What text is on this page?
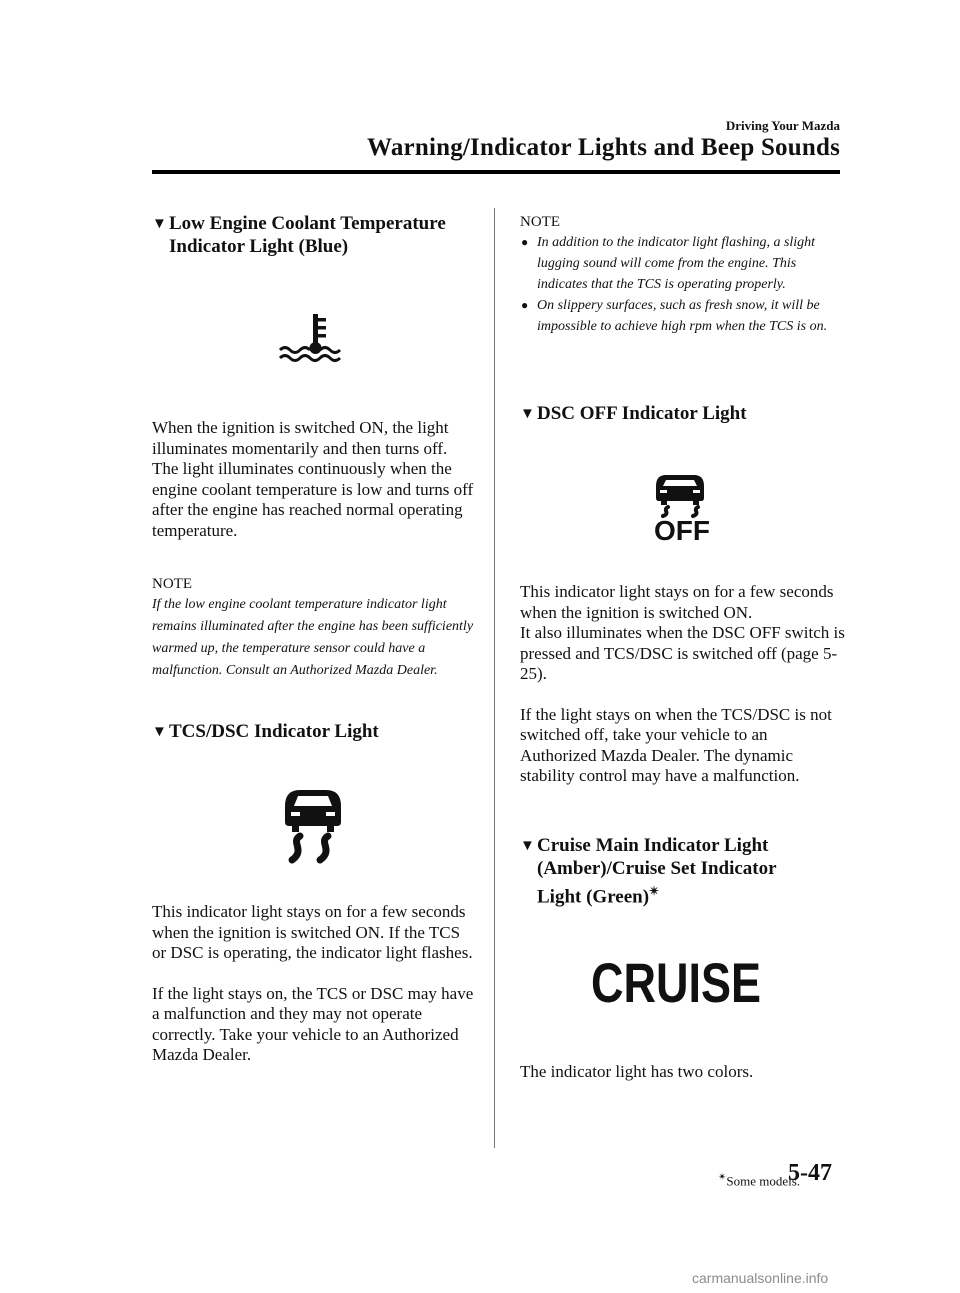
Driving Your Mazda
Warning/Indicator Lights and Beep Sounds
▼ Low Engine Coolant Temperature
Indicator Light (Blue)

When the ignition is switched ON, the light illuminates momentarily and then turns off.

The light illuminates continuously when the engine coolant temperature is low and turns off after the engine has reached normal operating temperature.

NOTE

If the low engine coolant temperature indicator light remains illuminated after the engine has been sufficiently warmed up, the temperature sensor could have a malfunction. Consult an Authorized Mazda Dealer.

▼ TCS/DSC Indicator Light

This indicator light stays on for a few seconds when the ignition is switched ON. If the TCS or DSC is operating, the indicator light flashes.

If the light stays on, the TCS or DSC may have a malfunction and they may not operate correctly. Take your vehicle to an Authorized Mazda Dealer.

NOTE

● In addition to the indicator light flashing, a slight lugging sound will come from the engine. This indicates that the TCS is operating properly.
● On slippery surfaces, such as fresh snow, it will be impossible to achieve high rpm when the TCS is on.
▼ DSC OFF Indicator Light
OFF

This indicator light stays on for a few seconds when the ignition is switched ON.

It also illuminates when the DSC OFF switch is pressed and TCS/DSC is switched off (page 5-25).

If the light stays on when the TCS/DSC is not switched off, take your vehicle to an Authorized Mazda Dealer. The dynamic stability control may have a malfunction.

▼ Cruise Main Indicator Light
(Amber)/Cruise Set Indicator
Light (Green)✴
CRUISE

The indicator light has two colors.

✴Some models.
5-47
carmanualsonline.info
